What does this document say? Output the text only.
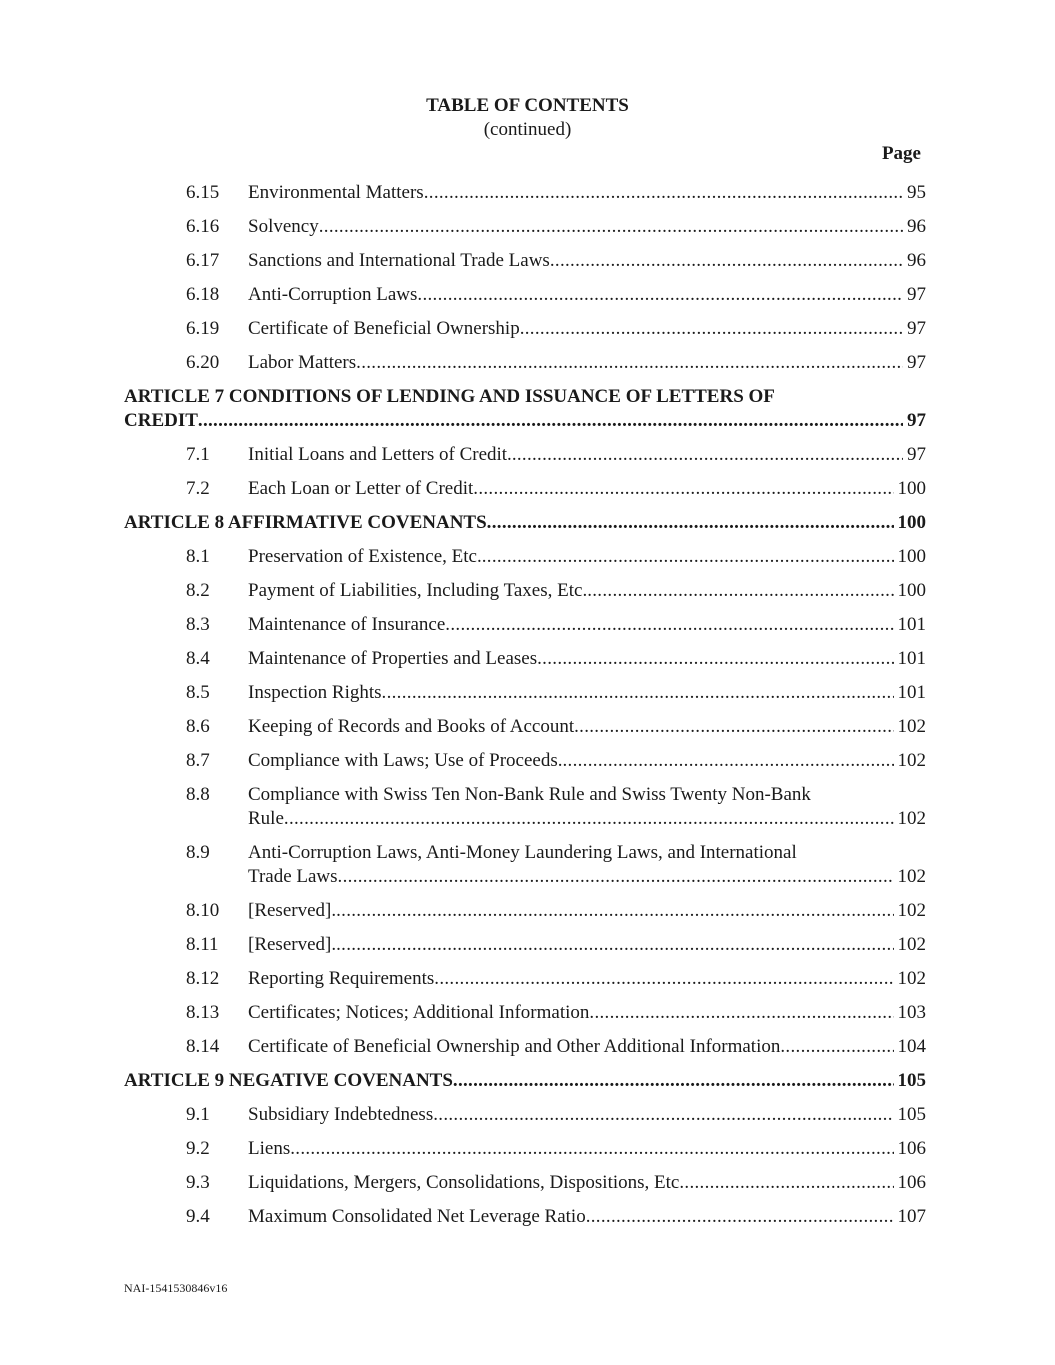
TABLE OF CONTENTS
(continued)
Page
6.15	Environmental Matters .....	95
6.16	Solvency .....	96
6.17	Sanctions and International Trade Laws .....	96
6.18	Anti-Corruption Laws .....	97
6.19	Certificate of Beneficial Ownership .....	97
6.20	Labor Matters .....	97
ARTICLE 7 CONDITIONS OF LENDING AND ISSUANCE OF LETTERS OF
CREDIT .....	97
7.1	Initial Loans and Letters of Credit. .....	97
7.2	Each Loan or Letter of Credit .....	100
ARTICLE 8 AFFIRMATIVE COVENANTS .....	100
8.1	Preservation of Existence, Etc. .....	100
8.2	Payment of Liabilities, Including Taxes, Etc. .....	100
8.3	Maintenance of Insurance .....	101
8.4	Maintenance of Properties and Leases .....	101
8.5	Inspection Rights .....	101
8.6	Keeping of Records and Books of Account .....	102
8.7	Compliance with Laws; Use of Proceeds. .....	102
8.8	Compliance with Swiss Ten Non-Bank Rule and Swiss Twenty Non-Bank
Rule .....	102
8.9	Anti-Corruption Laws, Anti-Money Laundering Laws, and International
Trade Laws .....	102
8.10	[Reserved]. .....	102
8.11	[Reserved]. .....	102
8.12	Reporting Requirements .....	102
8.13	Certificates; Notices; Additional Information .....	103
8.14	Certificate of Beneficial Ownership and Other Additional Information .....	104
ARTICLE 9 NEGATIVE COVENANTS .....	105
9.1	Subsidiary Indebtedness .....	105
9.2	Liens .....	106
9.3	Liquidations, Mergers, Consolidations, Dispositions, Etc .....	106
9.4	Maximum Consolidated Net Leverage Ratio .....	107
NAI-1541530846v16
